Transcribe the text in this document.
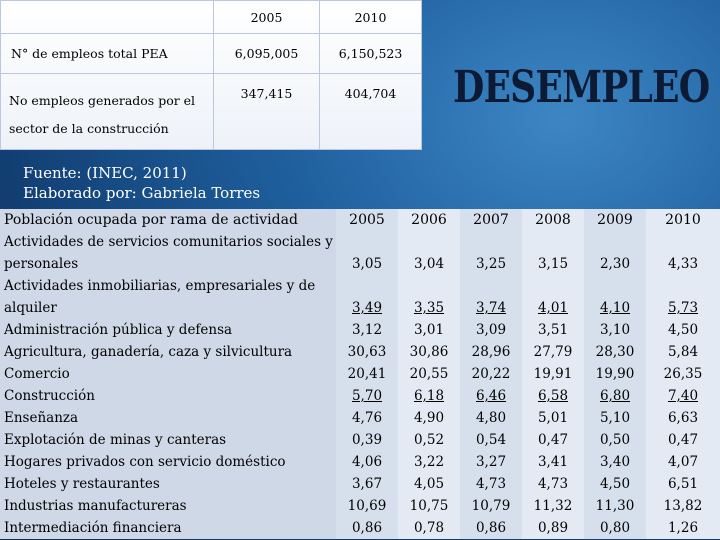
	2005	2010
N° de empleos total PEA	6,095,005	6,150,523
No empleos generados por el sector de la construcción	347,415	404,704 DESEMPLEO
Fuente: (INEC, 2011)
Elaborado por: Gabriela Torres
Población ocupada por rama de actividad	2005	2006	2007	2008	2009	2010
Actividades de servicios comunitarios sociales y personales	3,05	3,04	3,25	3,15	2,30	4,33
Actividades inmobiliarias, empresariales y de alquiler	3,49	3,35	3,74	4,01	4,10	5,73
Administración pública y defensa	3,12	3,01	3,09	3,51	3,10	4,50
Agricultura, ganadería, caza y silvicultura	30,63	30,86	28,96	27,79	28,30	5,84
Comercio	20,41	20,55	20,22	19,91	19,90	26,35
Construcción	5,70	6,18	6,46	6,58	6,80	7,40
Enseñanza	4,76	4,90	4,80	5,01	5,10	6,63
Explotación de minas y canteras	0,39	0,52	0,54	0,47	0,50	0,47
Hogares privados con servicio doméstico	4,06	3,22	3,27	3,41	3,40	4,07
Hoteles y restaurantes	3,67	4,05	4,73	4,73	4,50	6,51
Industrias manufactureras	10,69	10,75	10,79	11,32	11,30	13,82
Intermediación financiera	0,86	0,78	0,86	0,89	0,80	1,26
